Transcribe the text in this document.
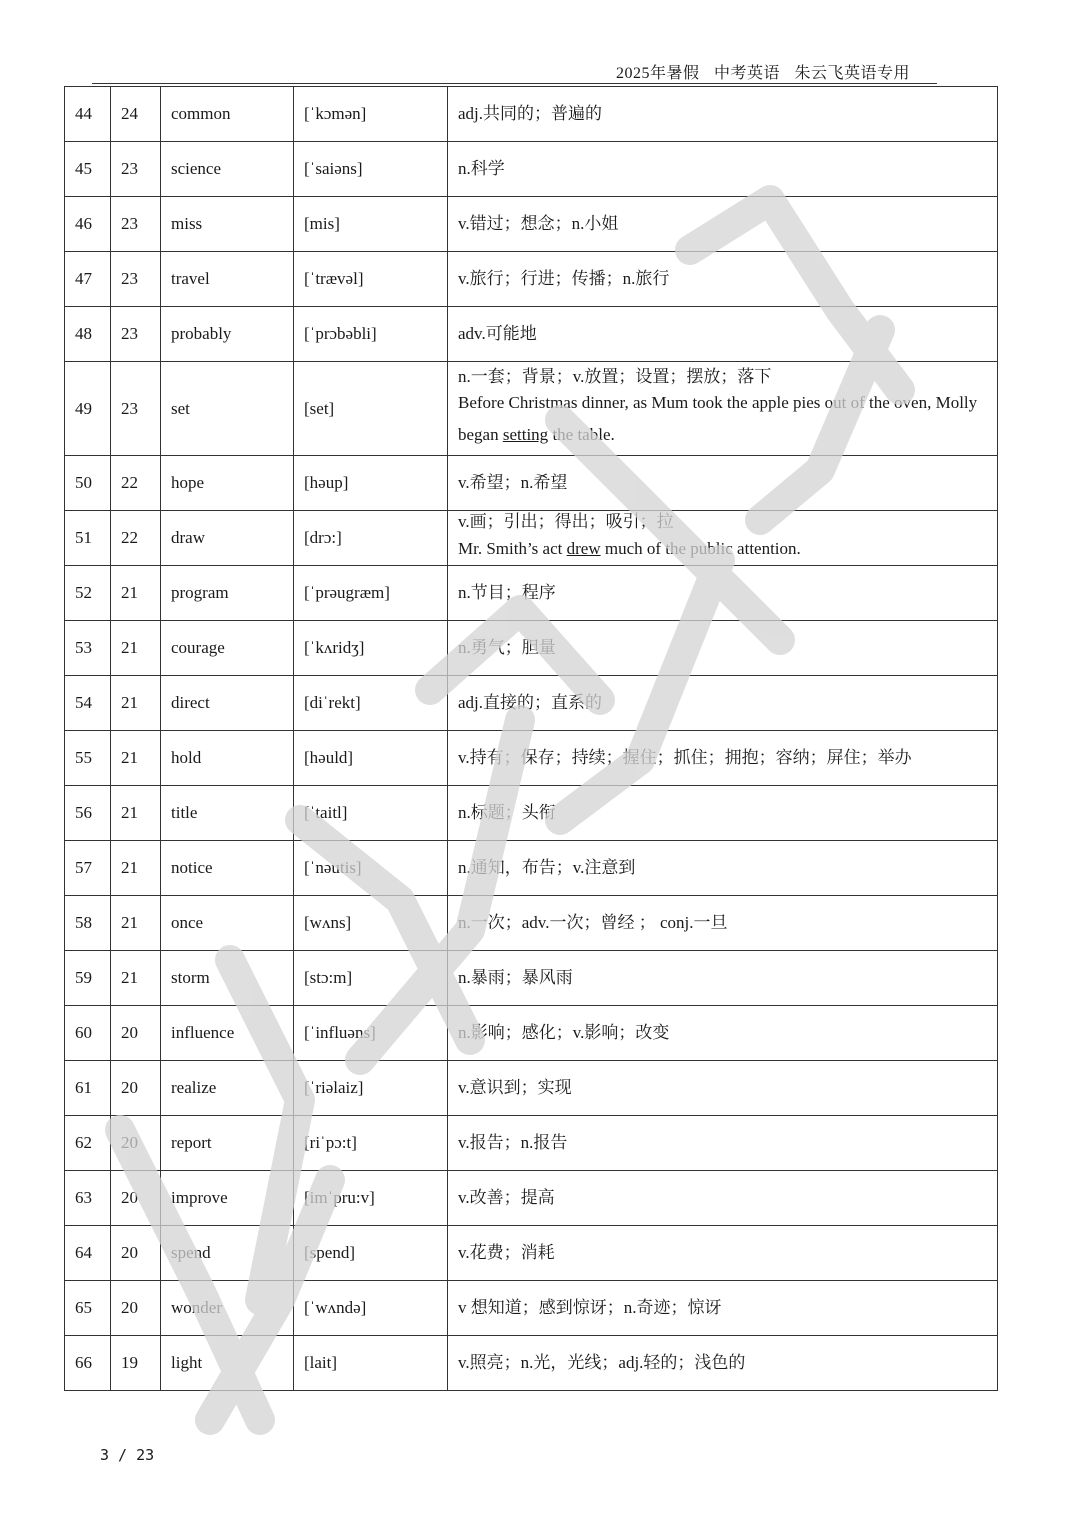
2025年暑假 中考英语 朱云飞英语专用
44	24	common	[ˈkɔmən]	adj.共同的；普遍的

45	23	science	[ˈsaiəns]	n.科学

46	23	miss	[mis]	v.错过；想念；n.小姐

47	23	travel	[ˈtrævəl]	v.旅行；行进；传播；n.旅行

48	23	probably	[ˈprɔbəbli]	adv.可能地

49	23	set	[set]	n.一套；背景；v.放置；设置；摆放；落下
Before Christmas dinner, as Mum took the apple pies out of the oven, Molly began setting the table.

50	22	hope	[həup]	v.希望；n.希望

51	22	draw	[drɔ:]	v.画；引出；得出；吸引；拉
Mr. Smith’s act drew much of the public attention.

52	21	program	[ˈprəugræm]	n.节目；程序

53	21	courage	[ˈkʌridʒ]	n.勇气；胆量

54	21	direct	[diˈrekt]	adj.直接的；直系的

55	21	hold	[həuld]	v.持有；保存；持续；握住；抓住；拥抱；容纳；屏住；举办

56	21	title	[ˈtaitl]	n.标题；头衔

57	21	notice	[ˈnəutis]	n.通知，布告；v.注意到

58	21	once	[wʌns]	n.一次；adv.一次；曾经 ； conj.一旦

59	21	storm	[stɔ:m]	n.暴雨；暴风雨

60	20	influence	[ˈinfluəns]	n.影响；感化；v.影响；改变

61	20	realize	[ˈriəlaiz]	v.意识到；实现

62	20	report	[riˈpɔ:t]	v.报告；n.报告

63	20	improve	[imˈpru:v]	v.改善；提高

64	20	spend	[spend]	v.花费；消耗

65	20	wonder	[ˈwʌndə]	v 想知道；感到惊讶；n.奇迹；惊讶

66	19	light	[lait]	v.照亮；n.光，光线；adj.轻的；浅色的
3 / 23
